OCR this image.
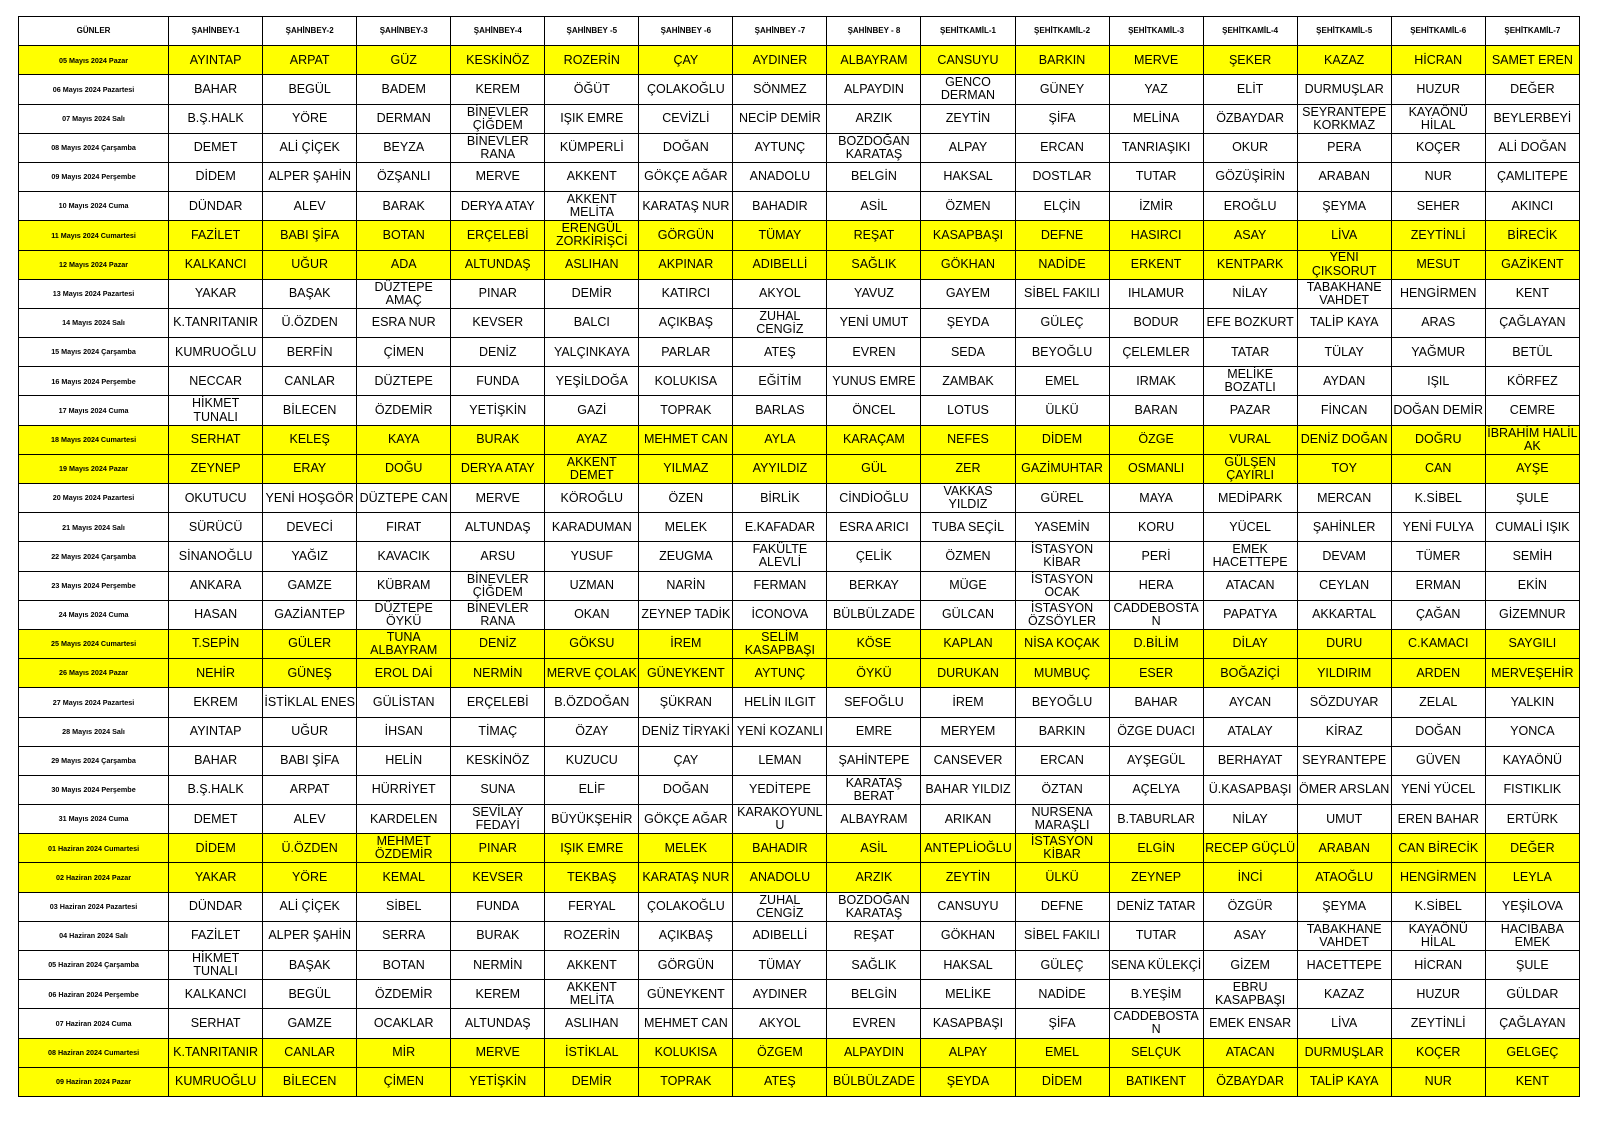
GÜNLER	ŞAHİNBEY-1	ŞAHİNBEY-2	ŞAHİNBEY-3	ŞAHİNBEY-4	ŞAHİNBEY -5	ŞAHİNBEY -6	ŞAHİNBEY -7	ŞAHİNBEY - 8	ŞEHİTKAMİL-1	ŞEHİTKAMİL-2	ŞEHİTKAMİL-3	ŞEHİTKAMİL-4	ŞEHİTKAMİL-5	ŞEHİTKAMİL-6	ŞEHİTKAMİL-7
05 Mayıs 2024 Pazar	AYINTAP	ARPAT	GÜZ	KESKİNÖZ	ROZERİN	ÇAY	AYDINER	ALBAYRAM	CANSUYU	BARKIN	MERVE	ŞEKER	KAZAZ	HİCRAN	SAMET EREN
06 Mayıs 2024 Pazartesi	BAHAR	BEGÜL	BADEM	KEREM	ÖĞÜT	ÇOLAKOĞLU	SÖNMEZ	ALPAYDIN	GENCO DERMAN	GÜNEY	YAZ	ELİT	DURMUŞLAR	HUZUR	DEĞER
07 Mayıs 2024 Salı	B.Ş.HALK	YÖRE	DERMAN	BİNEVLER ÇİĞDEM	IŞIK EMRE	CEVİZLİ	NECİP DEMİR	ARZIK	ZEYTİN	ŞİFA	MELİNA	ÖZBAYDAR	SEYRANTEPE KORKMAZ	KAYAÖNÜ HİLAL	BEYLERBEYİ
08 Mayıs 2024 Çarşamba	DEMET	ALİ ÇİÇEK	BEYZA	BİNEVLER RANA	KÜMPERLİ	DOĞAN	AYTUNÇ	BOZDOĞAN KARATAŞ	ALPAY	ERCAN	TANRIAŞIKI	OKUR	PERA	KOÇER	ALİ DOĞAN
09 Mayıs 2024 Perşembe	DİDEM	ALPER ŞAHİN	ÖZŞANLI	MERVE	AKKENT	GÖKÇE AĞAR	ANADOLU	BELGİN	HAKSAL	DOSTLAR	TUTAR	GÖZÜŞİRİN	ARABAN	NUR	ÇAMLITEPE
10 Mayıs 2024 Cuma	DÜNDAR	ALEV	BARAK	DERYA ATAY	AKKENT MELİTA	KARATAŞ NUR	BAHADIR	ASİL	ÖZMEN	ELÇİN	İZMİR	EROĞLU	ŞEYMA	SEHER	AKINCI
11 Mayıs 2024 Cumartesi	FAZİLET	BABI ŞİFA	BOTAN	ERÇELEBİ	ERENGÜL ZORKİRİŞCİ	GÖRGÜN	TÜMAY	REŞAT	KASAPBAŞI	DEFNE	HASIRCI	ASAY	LİVA	ZEYTİNLİ	BİRECİK
12 Mayıs 2024 Pazar	KALKANCI	UĞUR	ADA	ALTUNDAŞ	ASLIHAN	AKPINAR	ADIBELLİ	SAĞLIK	GÖKHAN	NADİDE	ERKENT	KENTPARK	YENİ ÇIKSORUT	MESUT	GAZİKENT
13 Mayıs 2024 Pazartesi	YAKAR	BAŞAK	DÜZTEPE AMAÇ	PINAR	DEMİR	KATIRCI	AKYOL	YAVUZ	GAYEM	SİBEL FAKILI	IHLAMUR	NİLAY	TABAKHANE VAHDET	HENGİRMEN	KENT
14 Mayıs 2024 Salı	K.TANRITANIR	Ü.ÖZDEN	ESRA NUR	KEVSER	BALCI	AÇIKBAŞ	ZUHAL CENGİZ	YENİ UMUT	ŞEYDA	GÜLEÇ	BODUR	EFE BOZKURT	TALİP KAYA	ARAS	ÇAĞLAYAN
15 Mayıs 2024 Çarşamba	KUMRUOĞLU	BERFİN	ÇİMEN	DENİZ	YALÇINKAYA	PARLAR	ATEŞ	EVREN	SEDA	BEYOĞLU	ÇELEMLER	TATAR	TÜLAY	YAĞMUR	BETÜL
16 Mayıs 2024 Perşembe	NECCAR	CANLAR	DÜZTEPE	FUNDA	YEŞİLDOĞA	KOLUKISA	EĞİTİM	YUNUS EMRE	ZAMBAK	EMEL	IRMAK	MELİKE BOZATLI	AYDAN	IŞIL	KÖRFEZ
17 Mayıs 2024 Cuma	HİKMET TUNALI	BİLECEN	ÖZDEMİR	YETİŞKİN	GAZİ	TOPRAK	BARLAS	ÖNCEL	LOTUS	ÜLKÜ	BARAN	PAZAR	FİNCAN	DOĞAN DEMİR	CEMRE
18 Mayıs 2024 Cumartesi	SERHAT	KELEŞ	KAYA	BURAK	AYAZ	MEHMET CAN	AYLA	KARAÇAM	NEFES	DİDEM	ÖZGE	VURAL	DENİZ DOĞAN	DOĞRU	İBRAHİM HALİL AK
19 Mayıs 2024 Pazar	ZEYNEP	ERAY	DOĞU	DERYA ATAY	AKKENT DEMET	YILMAZ	AYYILDIZ	GÜL	ZER	GAZİMUHTAR	OSMANLI	GÜLŞEN ÇAYIRLI	TOY	CAN	AYŞE
20 Mayıs 2024 Pazartesi	OKUTUCU	YENİ HOŞGÖR	DÜZTEPE CAN	MERVE	KÖROĞLU	ÖZEN	BİRLİK	CİNDİOĞLU	VAKKAS YILDIZ	GÜREL	MAYA	MEDİPARK	MERCAN	K.SİBEL	ŞULE
21 Mayıs 2024 Salı	SÜRÜCÜ	DEVECİ	FIRAT	ALTUNDAŞ	KARADUMAN	MELEK	E.KAFADAR	ESRA ARICI	TUBA SEÇİL	YASEMİN	KORU	YÜCEL	ŞAHİNLER	YENİ FULYA	CUMALİ IŞIK
22 Mayıs 2024 Çarşamba	SİNANOĞLU	YAĞIZ	KAVACIK	ARSU	YUSUF	ZEUGMA	FAKÜLTE ALEVLİ	ÇELİK	ÖZMEN	İSTASYON KİBAR	PERİ	EMEK HACETTEPE	DEVAM	TÜMER	SEMİH
23 Mayıs 2024 Perşembe	ANKARA	GAMZE	KÜBRAM	BİNEVLER ÇİĞDEM	UZMAN	NARİN	FERMAN	BERKAY	MÜGE	İSTASYON OCAK	HERA	ATACAN	CEYLAN	ERMAN	EKİN
24 Mayıs 2024 Cuma	HASAN	GAZİANTEP	DÜZTEPE ÖYKÜ	BİNEVLER RANA	OKAN	ZEYNEP TADİK	İCONOVA	BÜLBÜLZADE	GÜLCAN	İSTASYON ÖZSÖYLER	CADDEBOSTAN	PAPATYA	AKKARTAL	ÇAĞAN	GİZEMNUR
25 Mayıs 2024 Cumartesi	T.SEPİN	GÜLER	TUNA ALBAYRAM	DENİZ	GÖKSU	İREM	SELİM KASAPBAŞI	KÖSE	KAPLAN	NİSA KOÇAK	D.BİLİM	DİLAY	DURU	C.KAMACI	SAYGILI
26 Mayıs 2024 Pazar	NEHİR	GÜNEŞ	EROL DAİ	NERMİN	MERVE ÇOLAK	GÜNEYKENT	AYTUNÇ	ÖYKÜ	DURUKAN	MUMBUÇ	ESER	BOĞAZİÇİ	YILDIRIM	ARDEN	MERVEŞEHİR
27 Mayıs 2024 Pazartesi	EKREM	İSTİKLAL ENES	GÜLİSTAN	ERÇELEBİ	B.ÖZDOĞAN	ŞÜKRAN	HELİN ILGIT	SEFOĞLU	İREM	BEYOĞLU	BAHAR	AYCAN	SÖZDUYAR	ZELAL	YALKIN
28 Mayıs 2024 Salı	AYINTAP	UĞUR	İHSAN	TİMAÇ	ÖZAY	DENİZ TİRYAKİ	YENİ KOZANLI	EMRE	MERYEM	BARKIN	ÖZGE DUACI	ATALAY	KİRAZ	DOĞAN	YONCA
29 Mayıs 2024 Çarşamba	BAHAR	BABI ŞİFA	HELİN	KESKİNÖZ	KUZUCU	ÇAY	LEMAN	ŞAHİNTEPE	CANSEVER	ERCAN	AYŞEGÜL	BERHAYAT	SEYRANTEPE	GÜVEN	KAYAÖNÜ
30 Mayıs 2024 Perşembe	B.Ş.HALK	ARPAT	HÜRRİYET	SUNA	ELİF	DOĞAN	YEDİTEPE	KARATAŞ BERAT	BAHAR YILDIZ	ÖZTAN	AÇELYA	Ü.KASAPBAŞI	ÖMER ARSLAN	YENİ YÜCEL	FISTIKLIK
31 Mayıs 2024 Cuma	DEMET	ALEV	KARDELEN	SEVİLAY FEDAYİ	BÜYÜKŞEHİR	GÖKÇE AĞAR	KARAKOYUNLU	ALBAYRAM	ARIKAN	NURSENA MARAŞLI	B.TABURLAR	NİLAY	UMUT	EREN BAHAR	ERTÜRK
01 Haziran 2024 Cumartesi	DİDEM	Ü.ÖZDEN	MEHMET ÖZDEMİR	PINAR	IŞIK EMRE	MELEK	BAHADIR	ASİL	ANTEPLİOĞLU	İSTASYON KİBAR	ELGİN	RECEP GÜÇLÜ	ARABAN	CAN BİRECİK	DEĞER
02 Haziran 2024 Pazar	YAKAR	YÖRE	KEMAL	KEVSER	TEKBAŞ	KARATAŞ NUR	ANADOLU	ARZIK	ZEYTİN	ÜLKÜ	ZEYNEP	İNCİ	ATAOĞLU	HENGİRMEN	LEYLA
03 Haziran 2024 Pazartesi	DÜNDAR	ALİ ÇİÇEK	SİBEL	FUNDA	FERYAL	ÇOLAKOĞLU	ZUHAL CENGİZ	BOZDOĞAN KARATAŞ	CANSUYU	DEFNE	DENİZ TATAR	ÖZGÜR	ŞEYMA	K.SİBEL	YEŞİLOVA
04 Haziran 2024 Salı	FAZİLET	ALPER ŞAHİN	SERRA	BURAK	ROZERİN	AÇIKBAŞ	ADIBELLİ	REŞAT	GÖKHAN	SİBEL FAKILI	TUTAR	ASAY	TABAKHANE VAHDET	KAYAÖNÜ HİLAL	HACIBABA EMEK
05 Haziran 2024 Çarşamba	HİKMET TUNALI	BAŞAK	BOTAN	NERMİN	AKKENT	GÖRGÜN	TÜMAY	SAĞLIK	HAKSAL	GÜLEÇ	SENA KÜLEKÇİ	GİZEM	HACETTEPE	HİCRAN	ŞULE
06 Haziran 2024 Perşembe	KALKANCI	BEGÜL	ÖZDEMİR	KEREM	AKKENT MELİTA	GÜNEYKENT	AYDINER	BELGİN	MELİKE	NADİDE	B.YEŞİM	EBRU KASAPBAŞI	KAZAZ	HUZUR	GÜLDAR
07 Haziran 2024 Cuma	SERHAT	GAMZE	OCAKLAR	ALTUNDAŞ	ASLIHAN	MEHMET CAN	AKYOL	EVREN	KASAPBAŞI	ŞİFA	CADDEBOSTAN	EMEK ENSAR	LİVA	ZEYTİNLİ	ÇAĞLAYAN
08 Haziran 2024 Cumartesi	K.TANRITANIR	CANLAR	MİR	MERVE	İSTİKLAL	KOLUKISA	ÖZGEM	ALPAYDIN	ALPAY	EMEL	SELÇUK	ATACAN	DURMUŞLAR	KOÇER	GELGEÇ
09 Haziran 2024 Pazar	KUMRUOĞLU	BİLECEN	ÇİMEN	YETİŞKİN	DEMİR	TOPRAK	ATEŞ	BÜLBÜLZADE	ŞEYDA	DİDEM	BATIKENT	ÖZBAYDAR	TALİP KAYA	NUR	KENT
